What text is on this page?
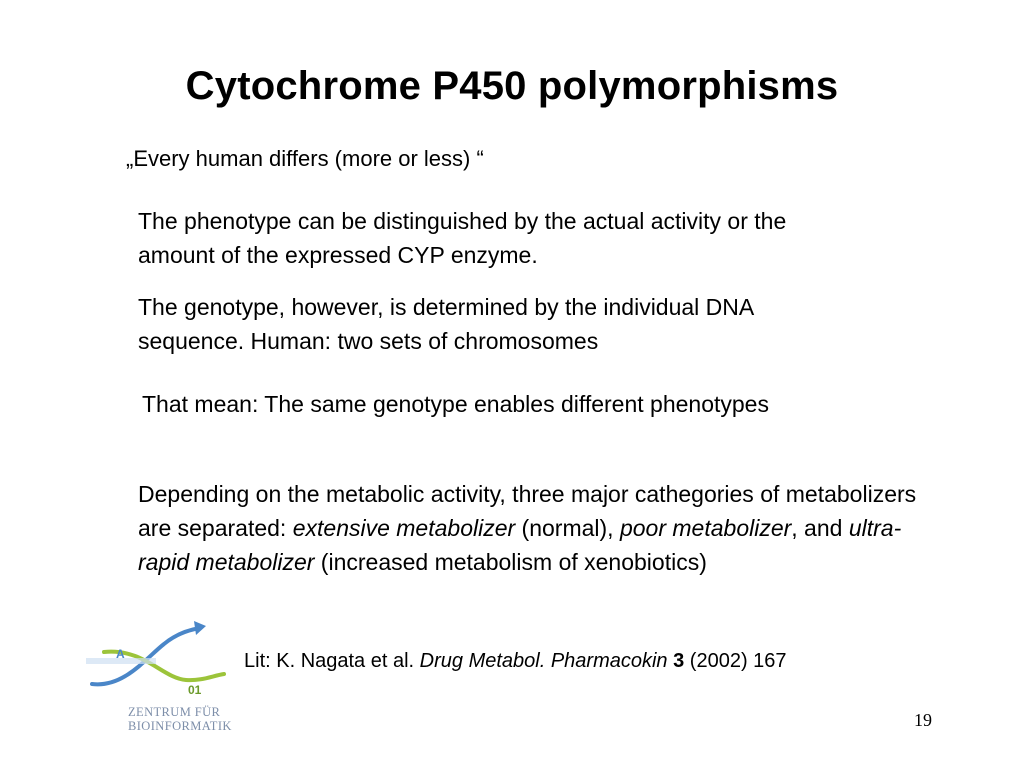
Cytochrome P450 polymorphisms
„Every human differs (more or less) “
The phenotype can be distinguished by the actual activity or the amount of the expressed CYP enzyme.
The genotype, however, is determined by the individual DNA sequence. Human: two sets of chromosomes
That mean: The same genotype enables different phenotypes
Depending on the metabolic activity, three major cathegories of metabolizers are separated: extensive metabolizer (normal), poor metabolizer, and ultra-rapid metabolizer (increased metabolism of xenobiotics)
A
01
ZENTRUM FÜR
BIOINFORMATIK
Lit: K. Nagata et al. Drug Metabol. Pharmacokin 3 (2002) 167
19
